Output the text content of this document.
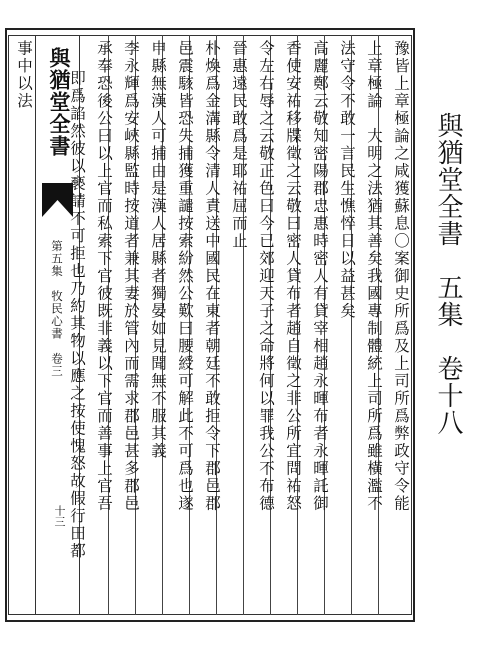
與猶堂全書　五集　卷十八
與猶堂全書
第五集　牧民心書　卷三
十三
豫皆上章極論之咸獲蘇息〇案御史所爲及上司所爲弊政守令能
上章極論　大明之法猶其善矣我國專制體統上司所爲雖橫濫不
法守令不敢一言民生憔悴日以益甚矣
高麗鄭云敬知密陽郡忠惠時密人有貸宰相趙永暉布者永暉託御
香使安祐移牒徵之云敬曰密人貸布者趙自徵之非公所宜問祐怒
令左右辱之云敬正色曰今已郊迎天子之命將何以罪我公不布德
晉惠遠民敢爲是耶祐屈而止
朴煥爲金溝縣令清人責送中國民在東者朝廷不敢拒令下郡邑郡
邑震駭皆恐失捕獲重譴按索紛然公歎曰腰綬可解此不可爲也遂
申縣無漢人可捕由是漢人居縣者獨晏如見聞無不服其義
李永輝爲安峽縣監時按道者兼其妻於管內而需求郡邑甚多郡邑
承奉恐後公曰以上官而私索下官彼既非義以下官而善事上官吾
即爲諂然彼以褻請不可拒也乃約其物以應之按使愧怒故假行田都
事中以法
